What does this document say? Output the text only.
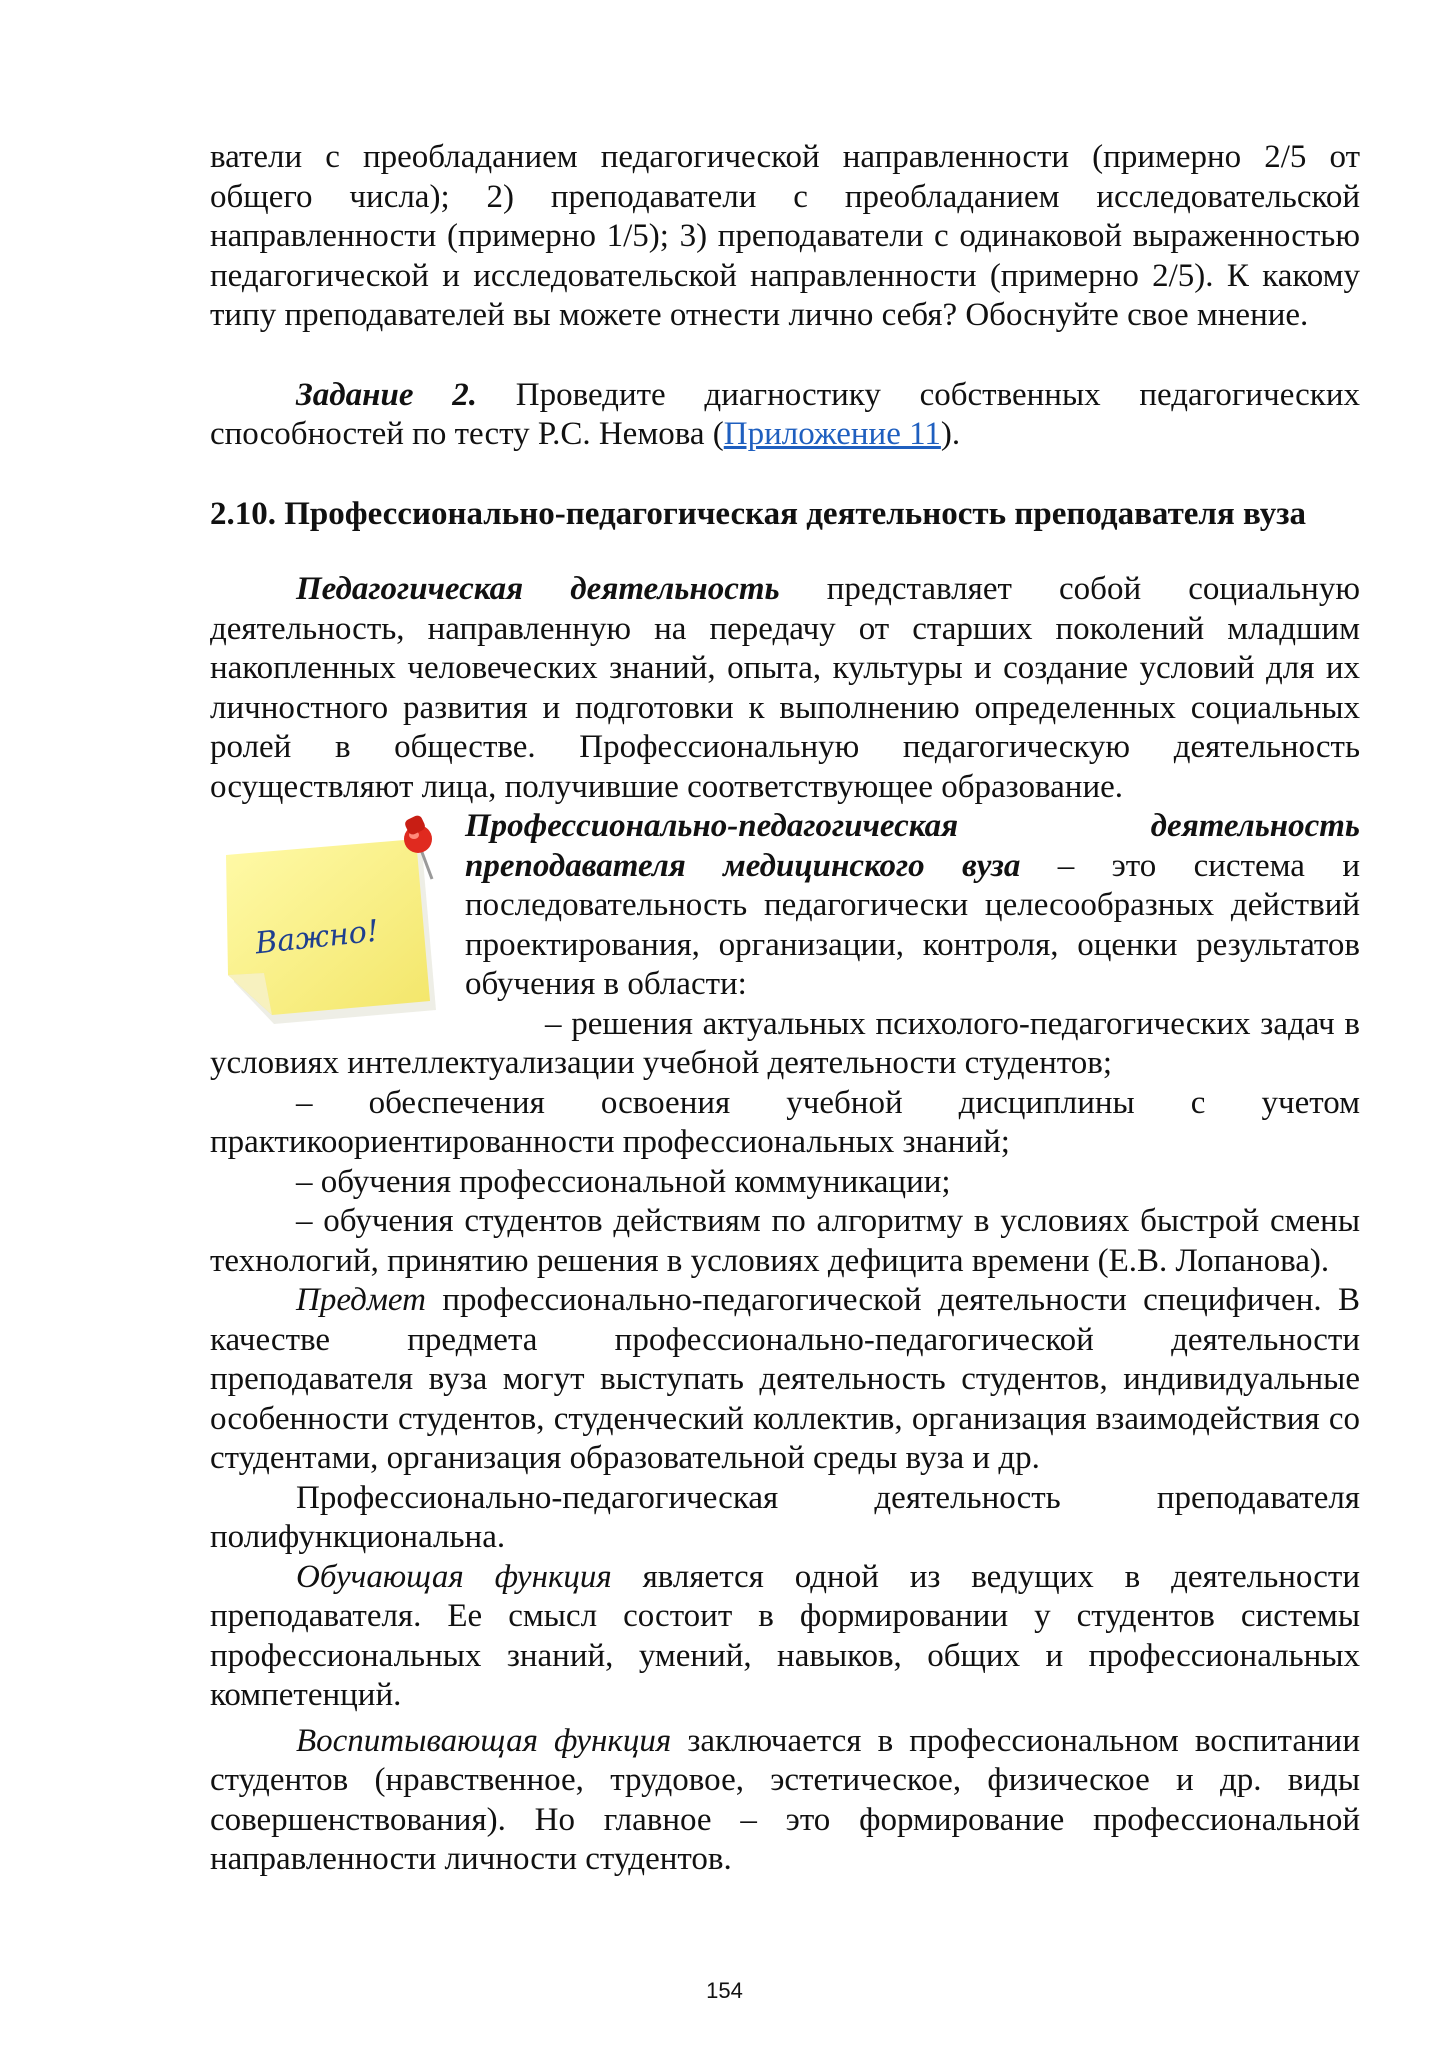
ватели с преобладанием педагогической направленности (примерно 2/5 от общего числа); 2) преподаватели с преобладанием исследовательской направленности (примерно 1/5); 3) преподаватели с одинаковой выраженностью педагогической и исследовательской направленности (примерно 2/5). К какому типу преподавателей вы можете отнести лично себя? Обоснуйте свое мнение.

Задание 2. Проведите диагностику собственных педагогических способностей по тесту Р.С. Немова (Приложение 11).

2.10. Профессионально-педагогическая деятельность преподавателя вуза

Педагогическая деятельность представляет собой социальную деятельность, направленную на передачу от старших поколений младшим накопленных человеческих знаний, опыта, культуры и создание условий для их личностного развития и подготовки к выполнению определенных социальных ролей в обществе. Профессиональную педагогическую деятельность осуществляют лица, получившие соответствующее образование.

Важно!

Профессионально-педагогическая деятельность преподавателя медицинского вуза – это система и последовательность педагогически целесообразных действий проектирования, организации, контроля, оценки результатов обучения в области:

– решения актуальных психолого-педагогических задач в условиях интеллектуализации учебной деятельности студентов;

– обеспечения освоения учебной дисциплины с учетом практикоориентированности профессиональных знаний;

– обучения профессиональной коммуникации;

– обучения студентов действиям по алгоритму в условиях быстрой смены технологий, принятию решения в условиях дефицита времени (Е.В. Лопанова).

Предмет профессионально-педагогической деятельности специфичен. В качестве предмета профессионально-педагогической деятельности преподавателя вуза могут выступать деятельность студентов, индивидуальные особенности студентов, студенческий коллектив, организация взаимодействия со студентами, организация образовательной среды вуза и др.

Профессионально-педагогическая деятельность преподавателя полифункциональна.

Обучающая функция является одной из ведущих в деятельности преподавателя. Ее смысл состоит в формировании у студентов системы профессиональных знаний, умений, навыков, общих и профессиональных компетенций.

Воспитывающая функция заключается в профессиональном воспитании студентов (нравственное, трудовое, эстетическое, физическое и др. виды совершенствования). Но главное – это формирование профессиональной направленности личности студентов.

154
